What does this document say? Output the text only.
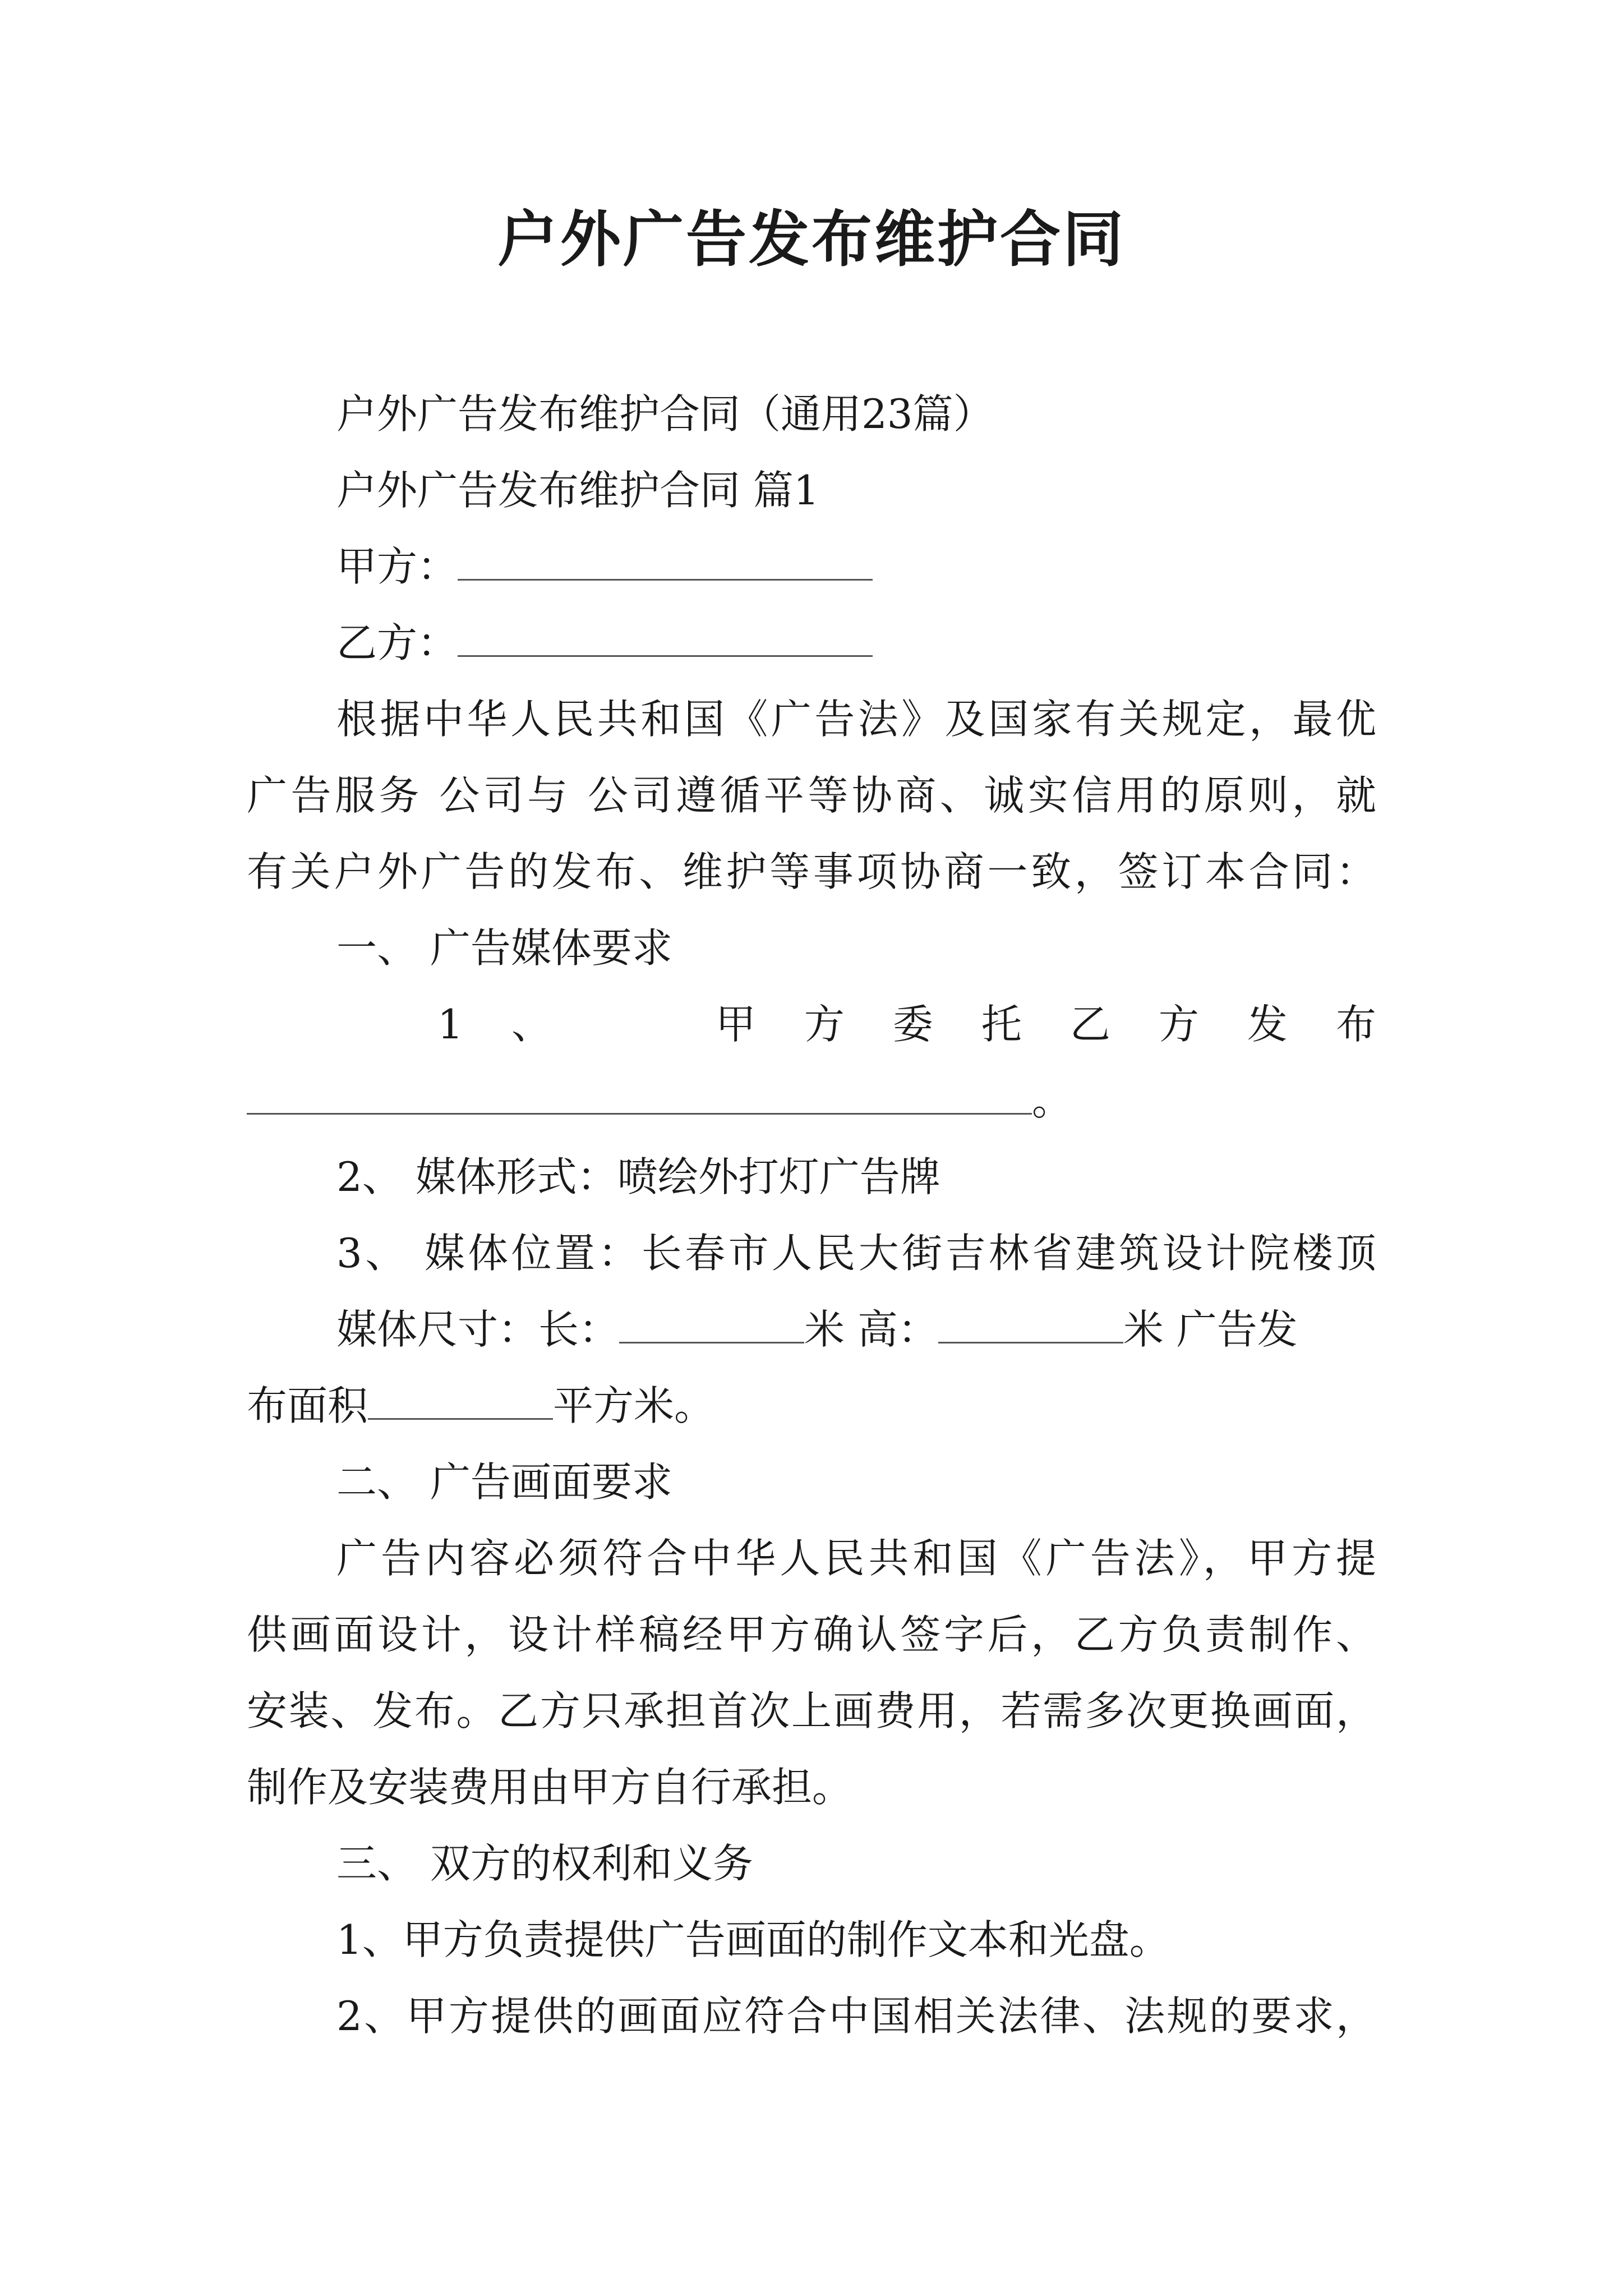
户外广告发布维护合同
户外广告发布维护合同（通用23篇）
户外广告发布维护合同 篇1
甲方：
乙方：
根据中华人民共和国《广告法》及国家有关规定，最优
广告服务 公司与 公司遵循平等协商、诚实信用的原则，就
有关户外广告的发布、维护等事项协商一致，签订本合同：
一、 广告媒体要求
1 、	甲 方 委 托 乙 方 发 布
。
2、 媒体形式：喷绘外打灯广告牌
3、 媒体位置：长春市人民大街吉林省建筑设计院楼顶
媒体尺寸：长：	米 高：	米 广告发
布面积	平方米。
二、 广告画面要求
广告内容必须符合中华人民共和国《广告法》，甲方提
供画面设计，设计样稿经甲方确认签字后，乙方负责制作、
安装、发布。乙方只承担首次上画费用，若需多次更换画面，
制作及安装费用由甲方自行承担。
三、 双方的权利和义务
1、甲方负责提供广告画面的制作文本和光盘。
2、甲方提供的画面应符合中国相关法律、法规的要求，
